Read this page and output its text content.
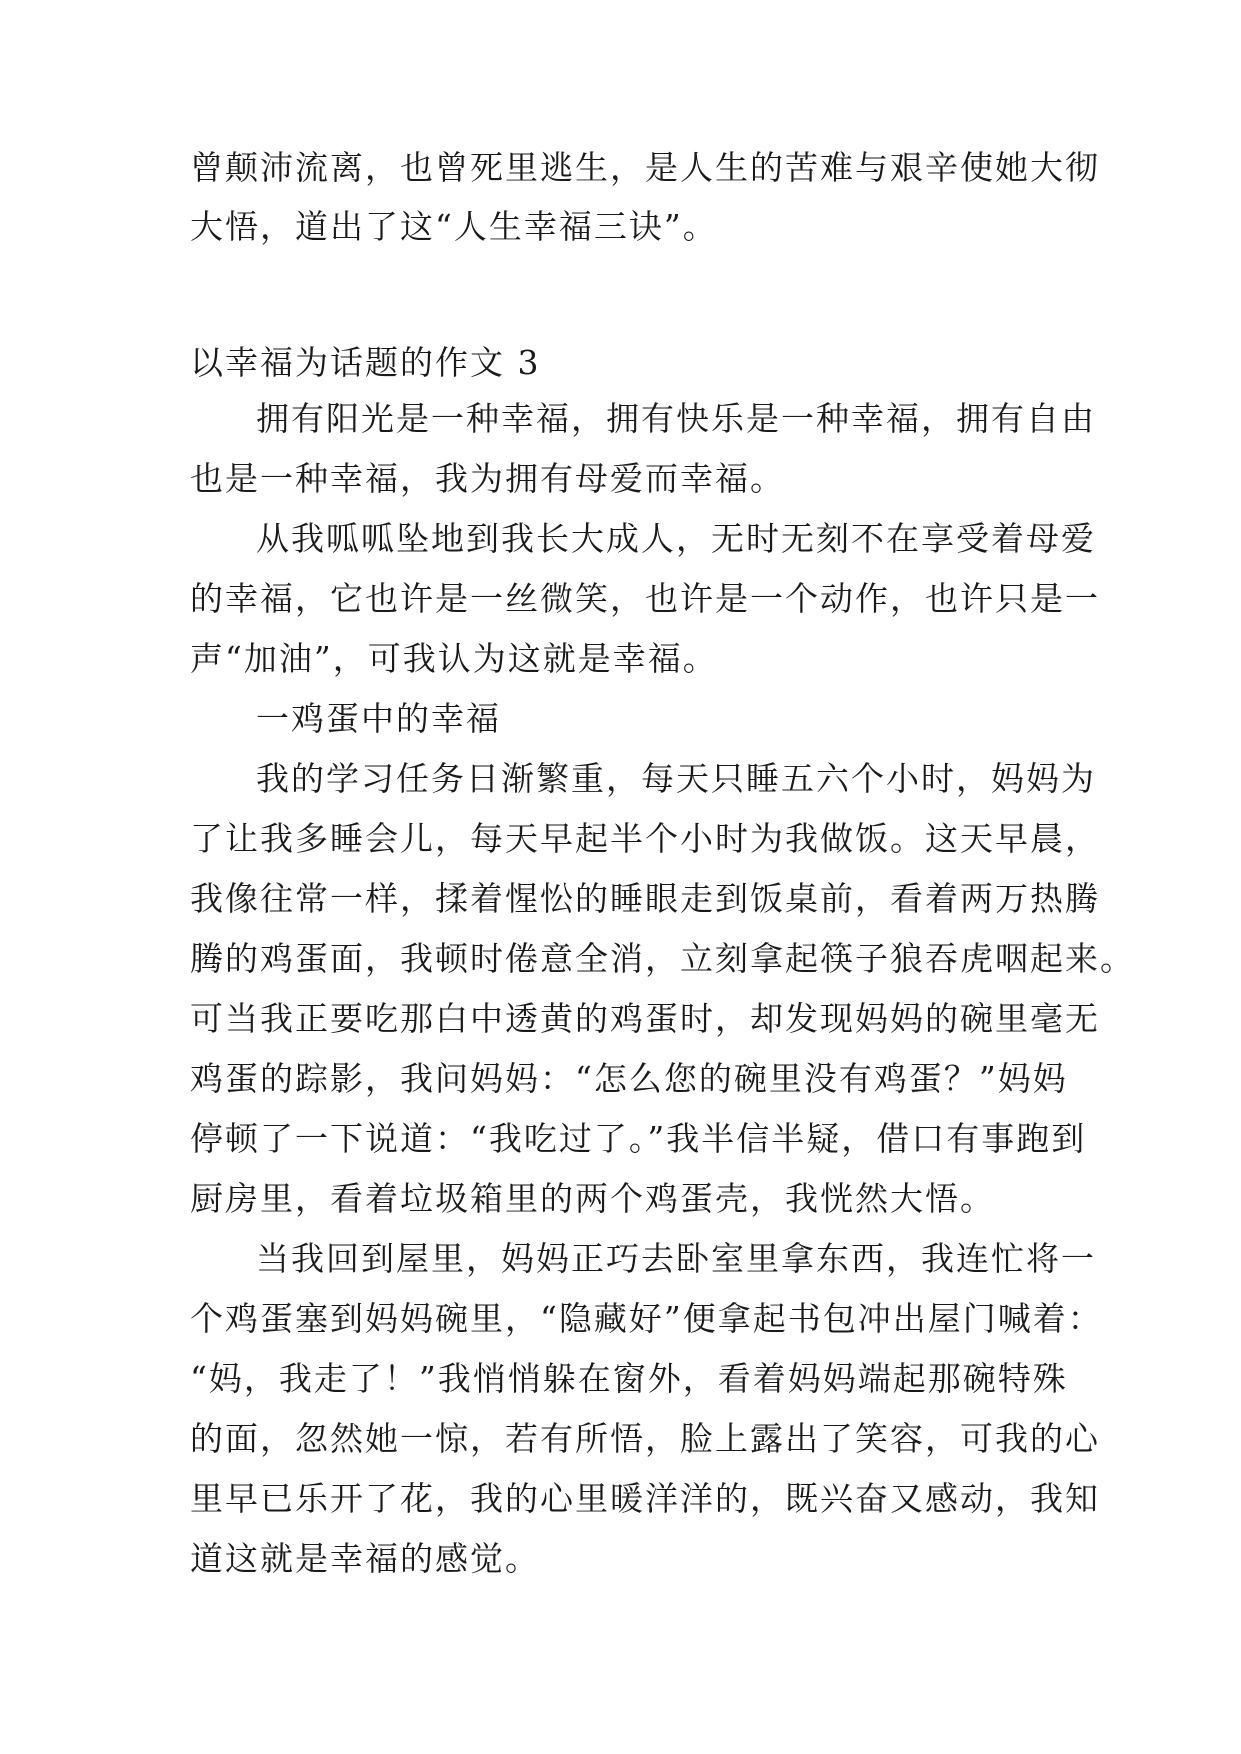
曾颠沛流离，也曾死里逃生，是人生的苦难与艰辛使她大彻
大悟，道出了这“人生幸福三诀”。
以幸福为话题的作文 3
拥有阳光是一种幸福，拥有快乐是一种幸福，拥有自由
也是一种幸福，我为拥有母爱而幸福。
从我呱呱坠地到我长大成人，无时无刻不在享受着母爱
的幸福，它也许是一丝微笑，也许是一个动作，也许只是一
声“加油”，可我认为这就是幸福。
一鸡蛋中的幸福
我的学习任务日渐繁重，每天只睡五六个小时，妈妈为
了让我多睡会儿，每天早起半个小时为我做饭。这天早晨，
我像往常一样，揉着惺忪的睡眼走到饭桌前，看着两万热腾
腾的鸡蛋面，我顿时倦意全消，立刻拿起筷子狼吞虎咽起来。
可当我正要吃那白中透黄的鸡蛋时，却发现妈妈的碗里毫无
鸡蛋的踪影，我问妈妈：“怎么您的碗里没有鸡蛋？”妈妈
停顿了一下说道：“我吃过了。”我半信半疑，借口有事跑到
厨房里，看着垃圾箱里的两个鸡蛋壳，我恍然大悟。
当我回到屋里，妈妈正巧去卧室里拿东西，我连忙将一
个鸡蛋塞到妈妈碗里，“隐藏好”便拿起书包冲出屋门喊着：
“妈，我走了！”我悄悄躲在窗外，看着妈妈端起那碗特殊
的面，忽然她一惊，若有所悟，脸上露出了笑容，可我的心
里早已乐开了花，我的心里暖洋洋的，既兴奋又感动，我知
道这就是幸福的感觉。
